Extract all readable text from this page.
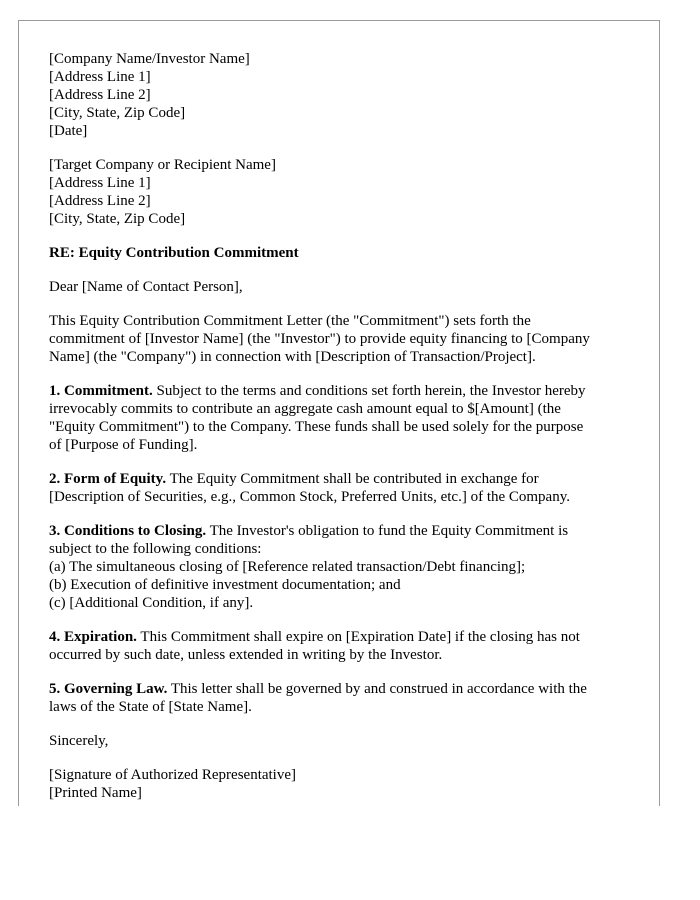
[Company Name/Investor Name]
[Address Line 1]
[Address Line 2]
[City, State, Zip Code]
[Date]
[Target Company or Recipient Name]
[Address Line 1]
[Address Line 2]
[City, State, Zip Code]
RE: Equity Contribution Commitment
Dear [Name of Contact Person],
This Equity Contribution Commitment Letter (the "Commitment") sets forth the
commitment of [Investor Name] (the "Investor") to provide equity financing to [Company
Name] (the "Company") in connection with [Description of Transaction/Project].
1. Commitment. Subject to the terms and conditions set forth herein, the Investor hereby
irrevocably commits to contribute an aggregate cash amount equal to $[Amount] (the
"Equity Commitment") to the Company. These funds shall be used solely for the purpose
of [Purpose of Funding].
2. Form of Equity. The Equity Commitment shall be contributed in exchange for
[Description of Securities, e.g., Common Stock, Preferred Units, etc.] of the Company.
3. Conditions to Closing. The Investor's obligation to fund the Equity Commitment is
subject to the following conditions:
(a) The simultaneous closing of [Reference related transaction/Debt financing];
(b) Execution of definitive investment documentation; and
(c) [Additional Condition, if any].
4. Expiration. This Commitment shall expire on [Expiration Date] if the closing has not
occurred by such date, unless extended in writing by the Investor.
5. Governing Law. This letter shall be governed by and construed in accordance with the
laws of the State of [State Name].
Sincerely,
[Signature of Authorized Representative]
[Printed Name]
